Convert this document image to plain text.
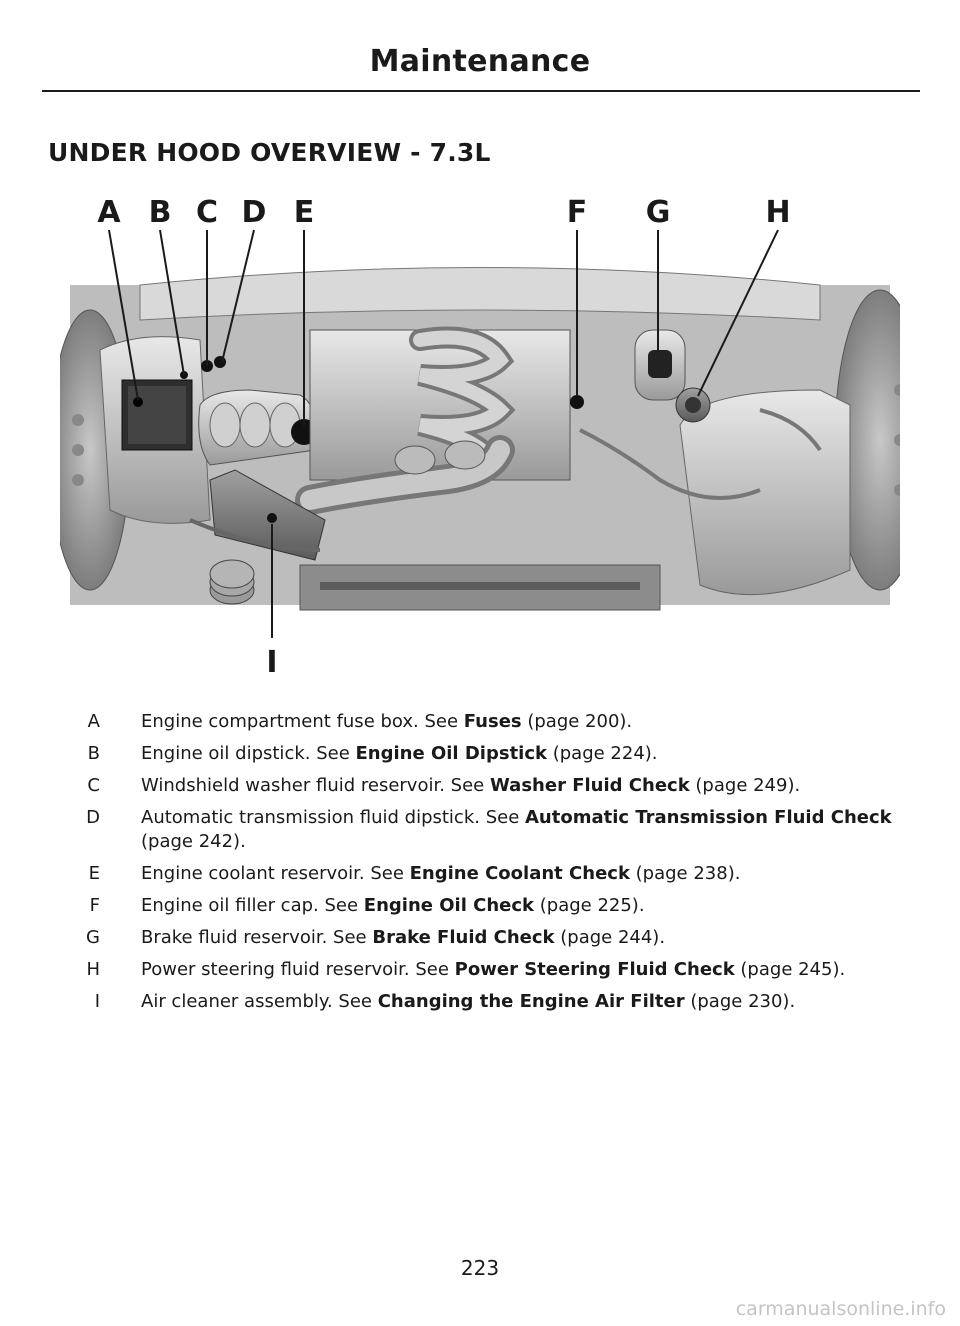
Maintenance
UNDER HOOD OVERVIEW - 7.3L
A B C D E	F G	H
I
A Engine compartment fuse box. See Fuses (page 200).
B Engine oil dipstick. See Engine Oil Dipstick (page 224).
C Windshield washer fluid reservoir. See Washer Fluid Check (page 249).
D Automatic transmission fluid dipstick. See Automatic Transmission Fluid Check (page 242).
E Engine coolant reservoir. See Engine Coolant Check (page 238).
F Engine oil filler cap. See Engine Oil Check (page 225).
G Brake fluid reservoir. See Brake Fluid Check (page 244).
H Power steering fluid reservoir. See Power Steering Fluid Check (page 245).
I Air cleaner assembly. See Changing the Engine Air Filter (page 230).
223
carmanualsonline.info
